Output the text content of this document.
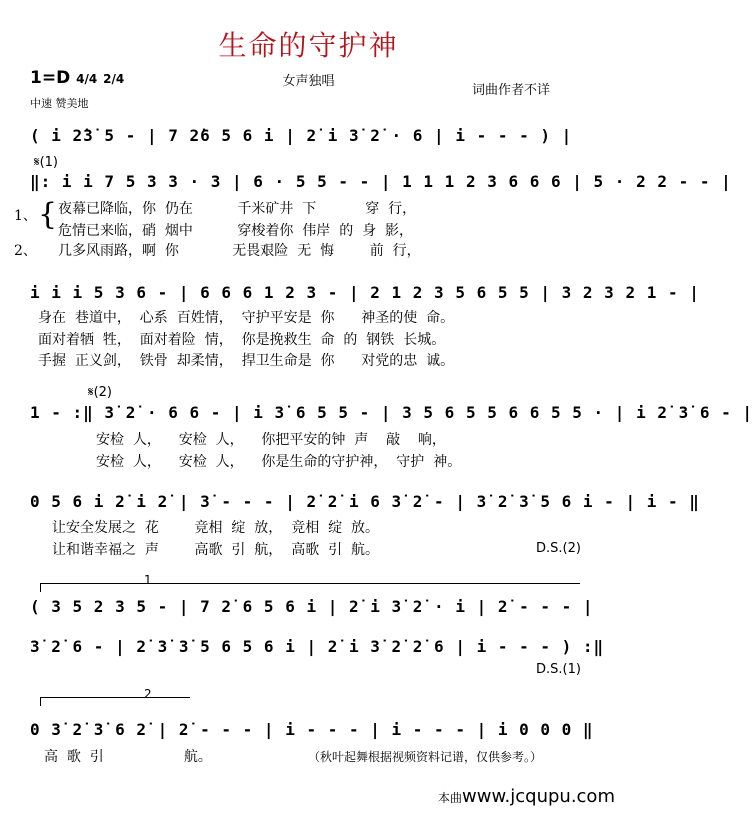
生命的守护神
女声独唱
1=D 4/4 2/4
中速 赞美地
词曲作者不详
( i 2̇3̇ 5 - | 7 2̇6 5 6 i | 2̇ i 3̇ 2̇ · 6 | i - - - ) |
𝄋(1)
‖: i i 7 5 3 3 · 3 | 6 · 5 5 - - | 1 1 1 2 3 6 6 6 | 5 · 2 2 - - |
1、 {
2、
夜幕已降临，你  仍在          千米矿井  下           穿  行，
危情已来临，硝  烟中          穿梭着你  伟岸  的  身  影，
几多风雨路，啊  你            无畏艰险  无  悔        前  行，
i i i 5 3 6 - | 6 6 6 1 2 3 - | 2 1 2 3 5 6 5 5 | 3 2 3 2 1 - |
身在  巷道中，  心系  百姓情，  守护平安是  你      神圣的使  命。
面对着牺  牲，  面对着险  情，  你是挽救生  命  的  钢铁  长城。
手握  正义剑，  铁骨  却柔情，  捍卫生命是  你      对党的忠  诚。
𝄋(2)
1 - :‖ 3̇ 2̇ · 6 6 - | i 3̇ 6 5 5 - | 3 5 6 5 5 6 6 5 5 · | i 2̇ 3̇ 6 - |
安检  人，    安检  人，    你把平安的钟  声    敲    响，
安检  人，    安检  人，    你是生命的守护神，  守护  神。
0 5 6 i 2̇ i 2̇ | 3̇ - - - | 2̇ 2̇ i 6 3̇ 2̇ - | 3̇ 2̇ 3̇ 5 6 i - | i - ‖
让安全发展之  花        竞相  绽  放，  竞相  绽  放。
让和谐幸福之  声        高歌  引  航，  高歌  引  航。	D.S.(2)
1
( 3 5 2 3 5 - | 7 2̇ 6 5 6 i | 2̇ i 3̇ 2̇ · i | 2̇ - - - |
3̇ 2̇ 6 - | 2̇ 3̇ 3̇ 5 6 5 6 i | 2̇ i 3̇ 2̇ 2̇ 6 | i - - - ) :‖
D.S.(1)
2
0 3̇ 2̇ 3̇ 6 2̇ | 2̇ - - - | i - - - | i - - - | i 0 0 0 ‖
高  歌  引                  航。	（秋叶起舞根据视频资料记谱，仅供参考。）
本曲www.jcqupu.com
